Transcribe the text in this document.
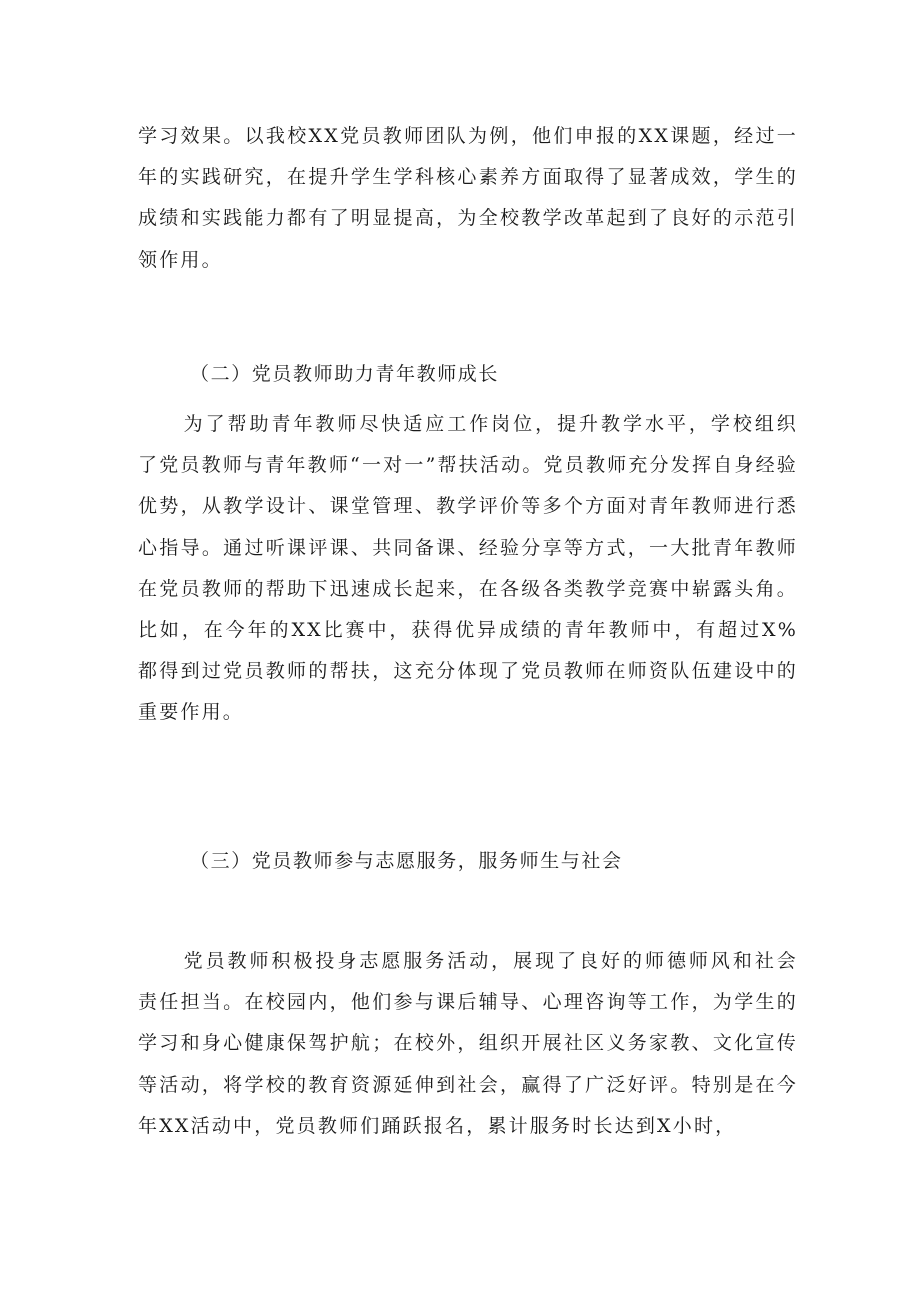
学习效果。以我校XX党员教师团队为例，他们申报的XX课题，经过一年的实践研究，在提升学生学科核心素养方面取得了显著成效，学生的成绩和实践能力都有了明显提高，为全校教学改革起到了良好的示范引领作用。

（二）党员教师助力青年教师成长

为了帮助青年教师尽快适应工作岗位，提升教学水平，学校组织了党员教师与青年教师“一对一”帮扶活动。党员教师充分发挥自身经验优势，从教学设计、课堂管理、教学评价等多个方面对青年教师进行悉心指导。通过听课评课、共同备课、经验分享等方式，一大批青年教师在党员教师的帮助下迅速成长起来，在各级各类教学竞赛中崭露头角。比如，在今年的XX比赛中，获得优异成绩的青年教师中，有超过X%都得到过党员教师的帮扶，这充分体现了党员教师在师资队伍建设中的重要作用。

（三）党员教师参与志愿服务，服务师生与社会

党员教师积极投身志愿服务活动，展现了良好的师德师风和社会责任担当。在校园内，他们参与课后辅导、心理咨询等工作，为学生的学习和身心健康保驾护航；在校外，组织开展社区义务家教、文化宣传等活动，将学校的教育资源延伸到社会，赢得了广泛好评。特别是在今年XX活动中，党员教师们踊跃报名，累计服务时长达到X小时，
